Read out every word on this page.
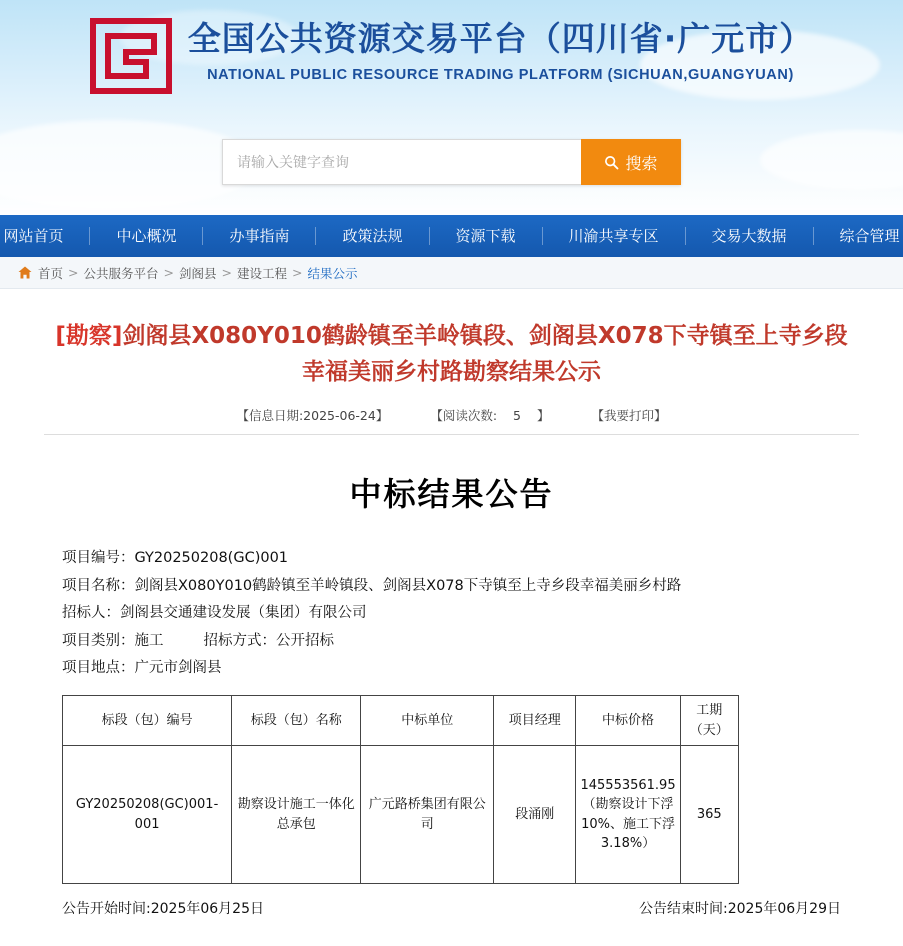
全国公共资源交易平台（四川省·广元市）
NATIONAL PUBLIC RESOURCE TRADING PLATFORM (SICHUAN,GUANGYUAN)
请输入关键字查询
搜索
网站首页	中心概况	办事指南	政策法规	资源下载	川渝共享专区	交易大数据	综合管理
首页 > 公共服务平台 > 剑阁县 > 建设工程 > 结果公示
[勘察]剑阁县X080Y010鹤龄镇至羊岭镇段、剑阁县X078下寺镇至上寺乡段幸福美丽乡村路勘察结果公示
【信息日期:2025-06-24】	【阅读次数: 5 】	【我要打印】
中标结果公告
项目编号：GY20250208(GC)001
项目名称：剑阁县X080Y010鹤龄镇至羊岭镇段、剑阁县X078下寺镇至上寺乡段幸福美丽乡村路
招标人：剑阁县交通建设发展（集团）有限公司
项目类别：施工	招标方式：公开招标
项目地点：广元市剑阁县
标段（包）编号	标段（包）名称	中标单位	项目经理	中标价格	工期（天）
GY20250208(GC)001-001	勘察设计施工一体化总承包	广元路桥集团有限公司	段涌刚	145553561.95（勘察设计下浮10%、施工下浮3.18%）	365
公告开始时间:2025年06月25日	公告结束时间:2025年06月29日
